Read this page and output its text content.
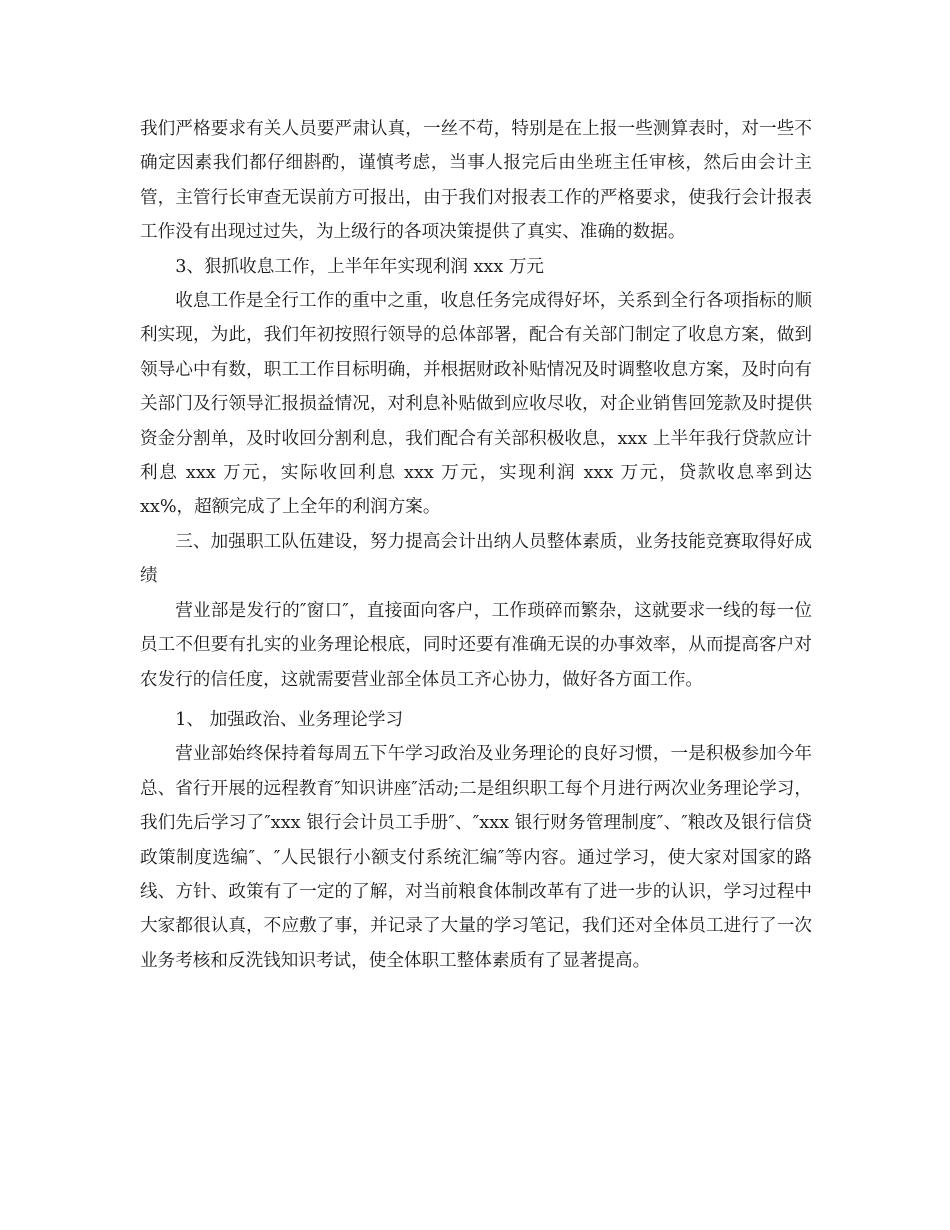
我们严格要求有关人员要严肃认真，一丝不苟，特别是在上报一些测算表时，对一些不确定因素我们都仔细斟酌，谨慎考虑，当事人报完后由坐班主任审核，然后由会计主管，主管行长审查无误前方可报出，由于我们对报表工作的严格要求，使我行会计报表工作没有出现过过失，为上级行的各项决策提供了真实、准确的数据。

3、狠抓收息工作，上半年年实现利润 xxx 万元

收息工作是全行工作的重中之重，收息任务完成得好坏，关系到全行各项指标的顺利实现，为此，我们年初按照行领导的总体部署，配合有关部门制定了收息方案，做到领导心中有数，职工工作目标明确，并根据财政补贴情况及时调整收息方案，及时向有关部门及行领导汇报损益情况，对利息补贴做到应收尽收，对企业销售回笼款及时提供资金分割单，及时收回分割利息，我们配合有关部积极收息，xxx 上半年我行贷款应计利息 xxx 万元，实际收回利息 xxx 万元，实现利润 xxx 万元，贷款收息率到达 xx%，超额完成了上全年的利润方案。

三、加强职工队伍建设，努力提高会计出纳人员整体素质，业务技能竞赛取得好成绩

营业部是发行的″窗口″，直接面向客户，工作琐碎而繁杂，这就要求一线的每一位员工不但要有扎实的业务理论根底，同时还要有准确无误的办事效率，从而提高客户对农发行的信任度，这就需要营业部全体员工齐心协力，做好各方面工作。

1、 加强政治、业务理论学习

营业部始终保持着每周五下午学习政治及业务理论的良好习惯，一是积极参加今年总、省行开展的远程教育″知识讲座″活动;二是组织职工每个月进行两次业务理论学习，我们先后学习了″xxx 银行会计员工手册″、″xxx 银行财务管理制度″、″粮改及银行信贷政策制度选编″、″人民银行小额支付系统汇编″等内容。通过学习，使大家对国家的路线、方针、政策有了一定的了解，对当前粮食体制改革有了进一步的认识，学习过程中大家都很认真，不应敷了事，并记录了大量的学习笔记，我们还对全体员工进行了一次业务考核和反洗钱知识考试，使全体职工整体素质有了显著提高。
